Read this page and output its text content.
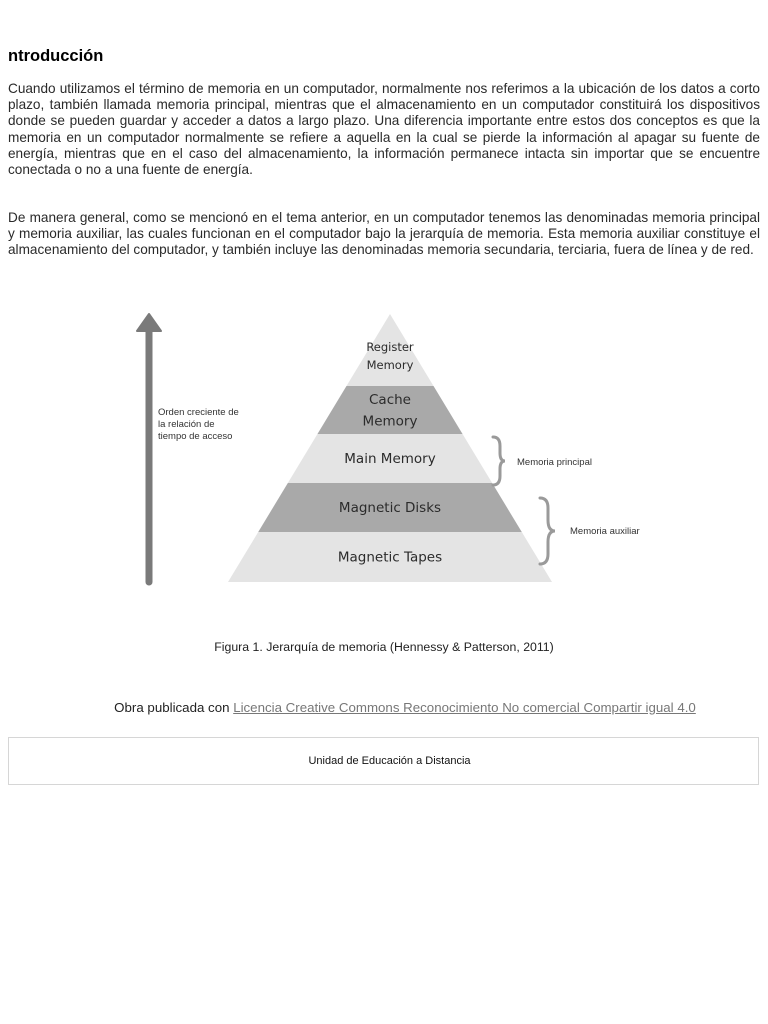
ntroducción

Cuando utilizamos el término de memoria en un computador, normalmente nos referimos a la ubicación de los datos a corto plazo, también llamada memoria principal, mientras que el almacenamiento en un computador constituirá los dispositivos donde se pueden guardar y acceder a datos a largo plazo. Una diferencia importante entre estos dos conceptos es que la memoria en un computador normalmente se refiere a aquella en la cual se pierde la información al apagar su fuente de energía, mientras que en el caso del almacenamiento, la información permanece intacta sin importar que se encuentre conectada o no a una fuente de energía.

De manera general, como se mencionó en el tema anterior, en un computador tenemos las denominadas memoria principal y memoria auxiliar, las cuales funcionan en el computador bajo la jerarquía de memoria. Esta memoria auxiliar constituye el almacenamiento del computador, y también incluye las denominadas memoria secundaria, terciaria, fuera de línea y de red.

Orden creciente de la relación de tiempo de acceso
Register
Memory
Cache
Memory
Main Memory
Magnetic Disks
Magnetic Tapes
Memoria principal
Memoria auxiliar

Figura 1. Jerarquía de memoria (Hennessy & Patterson, 2011)

Obra publicada con Licencia Creative Commons Reconocimiento No comercial Compartir igual 4.0

Unidad de Educación a Distancia
